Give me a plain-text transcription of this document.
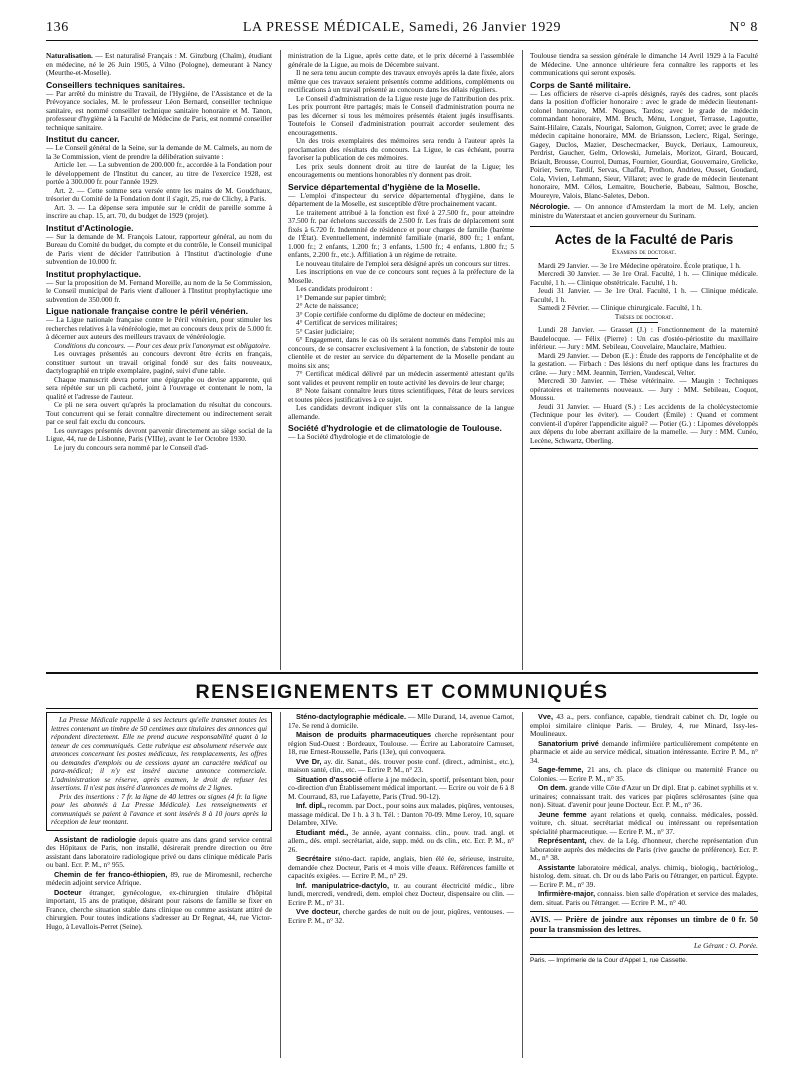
136	LA PRESSE MÉDICALE, Samedi, 26 Janvier 1929	N° 8

Naturalisation. — Est naturalisé Français : M. Ginzburg (Chaïm), étudiant en médecine, né le 26 Juin 1905, à Vilno (Pologne), demeurant à Nancy (Meurthe-et-Moselle).

Conseillers techniques sanitaires.

— Par arrêté du ministre du Travail, de l'Hygiène, de l'Assistance et de la Prévoyance sociales, M. le professeur Léon Bernard, conseiller technique sanitaire, est nommé conseiller technique sanitaire honoraire et M. Tanon, professeur d'hygiène à la Faculté de Médecine de Paris, est nommé conseiller technique sanitaire.

Institut du cancer.

— Le Conseil général de la Seine, sur la demande de M. Calmels, au nom de la 3e Commission, vient de prendre la délibération suivante :

Article 1er. — La subvention de 200.000 fr., accordée à la Fondation pour le développement de l'Institut du cancer, au titre de l'exercice 1928, est portée à 300.000 fr. pour l'année 1929.

Art. 2. — Cette somme sera versée entre les mains de M. Goudchaux, trésorier du Comité de la Fondation dont il s'agit, 25, rue de Clichy, à Paris.

Art. 3. — La dépense sera imputée sur le crédit de pareille somme à inscrire au chap. 15, art. 70, du budget de 1929 (projet).

Institut d'Actinologie.

— Sur la demande de M. François Latour, rapporteur général, au nom du Bureau du Comité du budget, du compte et du contrôle, le Conseil municipal de Paris vient de décider l'attribution à l'Institut d'actinologie d'une subvention de 10.000 fr.

Institut prophylactique.

— Sur la proposition de M. Fernand Moreille, au nom de la 5e Commission, le Conseil municipal de Paris vient d'allouer à l'Institut prophylactique une subvention de 350.000 fr.

Ligue nationale française contre le péril vénérien.

— La Ligue nationale française contre le Péril vénérien, pour stimuler les recherches relatives à la vénéréologie, met au concours deux prix de 5.000 fr. à décerner aux auteurs des meilleurs travaux de vénéréologie.

Conditions du concours. — Pour ces deux prix l'anonymat est obligatoire.

Les ouvrages présentés au concours devront être écrits en français, constituer surtout un travail original fondé sur des faits nouveaux, dactylographié en triple exemplaire, paginé, suivi d'une table.

Chaque manuscrit devra porter une épigraphe ou devise apparente, qui sera répétée sur un pli cacheté, joint à l'ouvrage et contenant le nom, la qualité et l'adresse de l'auteur.

Ce pli ne sera ouvert qu'après la proclamation du résultat du concours. Tout concurrent qui se ferait connaître directement ou indirectement serait par ce seul fait exclu du concours.

Les ouvrages présentés devront parvenir directement au siège social de la Ligue, 44, rue de Lisbonne, Paris (VIIIe), avant le 1er Octobre 1930.

Le jury du concours sera nommé par le Conseil d'ad-

ministration de la Ligue, après cette date, et le prix décerné à l'assemblée générale de la Ligue, au mois de Décembre suivant.

Il ne sera tenu aucun compte des travaux envoyés après la date fixée, alors même que ces travaux seraient présentés comme additions, compléments ou rectifications à un travail présenté au concours dans les délais réguliers.

Le Conseil d'administration de la Ligue reste juge de l'attribution des prix. Les prix pourront être partagés; mais le Conseil d'administration pourra ne pas les décerner si tous les mémoires présentés étaient jugés insuffisants. Toutefois le Conseil d'administration pourrait accorder seulement des encouragements.

Un des trois exemplaires des mémoires sera rendu à l'auteur après la proclamation des résultats du concours. La Ligue, le cas échéant, pourra favoriser la publication de ces mémoires.

Les prix seuls donnent droit au titre de lauréat de la Ligue; les encouragements ou mentions honorables n'y donnent pas droit.

Service départemental d'hygiène de la Moselle.

— L'emploi d'inspecteur du service départemental d'hygiène, dans le département de la Moselle, est susceptible d'être prochainement vacant.

Le traitement attribué à la fonction est fixé à 27.500 fr., pour atteindre 37.500 fr. par échelons successifs de 2.500 fr. Les frais de déplacement sont fixés à 6.720 fr. Indemnité de résidence et pour charges de famille (barème de l'État). Eventuellement, indemnité familiale (marié, 800 fr.; 1 enfant, 1.000 fr.; 2 enfants, 1.200 fr.; 3 enfants, 1.500 fr.; 4 enfants, 1.800 fr.; 5 enfants, 2.200 fr., etc.). Affiliation à un régime de retraite.

Le nouveau titulaire de l'emploi sera désigné après un concours sur titres.

Les inscriptions en vue de ce concours sont reçues à la préfecture de la Moselle.

Les candidats produiront :

1° Demande sur papier timbré;

2° Acte de naissance;

3° Copie certifiée conforme du diplôme de docteur en médecine;

4° Certificat de services militaires;

5° Casier judiciaire;

6° Engagement, dans le cas où ils seraient nommés dans l'emploi mis au concours, de se consacrer exclusivement à la fonction, de s'abstenir de toute clientèle et de rester au service du département de la Moselle pendant au moins six ans;

7° Certificat médical délivré par un médecin assermenté attestant qu'ils sont valides et peuvent remplir en toute activité les devoirs de leur charge;

8° Note faisant connaître leurs titres scientifiques, l'état de leurs services et toutes pièces justificatives à ce sujet.

Les candidats devront indiquer s'ils ont la connaissance de la langue allemande.

Société d'hydrologie et de climatologie de Toulouse.

— La Société d'hydrologie et de climatologie de

Toulouse tiendra sa session générale le dimanche 14 Avril 1929 à la Faculté de Médecine. Une annonce ultérieure fera connaître les rapports et les communications qui seront exposés.

Corps de Santé militaire.

— Les officiers de réserve ci-après désignés, rayés des cadres, sont placés dans la position d'officier honoraire : avec le grade de médecin lieutenant-colonel honoraire, MM. Nogues, Tardos; avec le grade de médecin commandant honoraire, MM. Bruch, Ménu, Longuet, Terrasse, Lagoutte, Saint-Hilaire, Cazals, Nourigat, Salomon, Guignon, Corret; avec le grade de médecin capitaine honoraire, MM. de Briansson, Leclerc, Rigal, Seringe, Gagey, Duclos, Mazier, Deschecmacker, Buyck, Deriaux, Lamoureux, Perdrist, Gaucher, Gelm, Orlowski, Jumelais, Morizot, Girard, Boucard, Briault, Brousse, Courrol, Dumas, Fournier, Gourdiat, Gouvernaire, Grelicke, Poirier, Serre, Tardif, Servas, Chaffal, Prothon, Andrieu, Ousset, Goudard, Cola, Vivien, Lehmann, Sieur, Villaret; avec le grade de médecin lieutenant honoraire, MM. Célos, Lemaitre, Boucherie, Babeau, Salmou, Bosche, Moureyre, Valois, Blanc-Saletes, Debon.

Nécrologie. — On annonce d'Amsterdam la mort de M. Lely, ancien ministre du Waterstaat et ancien gouverneur du Surinam.

Actes de la Faculté de Paris

Examens de doctorat.

Mardi 29 Janvier. — 3e 1re Médecine opératoire. École pratique, 1 h.

Mercredi 30 Janvier. — 3e 1re Oral. Faculté, 1 h. — Clinique médicale. Faculté, 1 h. — Clinique obstétricale. Faculté, 1 h.

Jeudi 31 Janvier. — 3e 1re Oral. Faculté, 1 h. — Clinique médicale. Faculté, 1 h.

Samedi 2 Février. — Clinique chirurgicale. Faculté, 1 h.

Thèses de doctorat.

Lundi 28 Janvier. — Grasset (J.) : Fonctionnement de la maternité Baudelocque. — Félix (Pierre) : Un cas d'ostéo-périostite du maxillaire inférieur. — Jury : MM. Sebileau, Couvelaire, Mauclaire, Mathieu.

Mardi 29 Janvier. — Debon (E.) : Étude des rapports de l'encéphalite et de la gestation. — Firbach : Des lésions du nerf optique dans les fractures du crâne. — Jury : MM. Jeannin, Terrien, Vaudescal, Velter.

Mercredi 30 Janvier. — Thèse vétérinaire. — Maugin : Techniques opératoires et traitements nouveaux. — Jury : MM. Sebileau, Coquot, Moussu.

Jeudi 31 Janvier. — Huard (S.) : Les accidents de la cholécystectomie (Technique pour les éviter). — Coudert (Émile) : Quand et comment convient-il d'opérer l'appendicite aiguë? — Potier (G.) : Lipomes développés aux dépens du lobe aberrant axillaire de la mamelle. — Jury : MM. Cunéo, Lecène, Schwartz, Oberling.

RENSEIGNEMENTS ET COMMUNIQUÉS

La Presse Médicale rappelle à ses lecteurs qu'elle transmet toutes les lettres contenant un timbre de 50 centimes aux titulaires des annonces qui répondent directement. Elle ne prend aucune responsabilité quant à la teneur de ces communiqués. Cette rubrique est absolument réservée aux annonces concernant les postes médicaux, les remplacements, les offres ou demandes d'emplois ou de cessions ayant un caractère médical ou para-médical; il n'y est inséré aucune annonce commerciale. L'administration se réserve, après examen, le droit de refuser les insertions. Il n'est pas inséré d'annonces de moins de 2 lignes.

Prix des insertions : 7 fr. la ligne de 40 lettres ou signes (4 fr. la ligne pour les abonnés à La Presse Médicale). Les renseignements et communiqués se paient à l'avance et sont insérés 8 à 10 jours après la réception de leur montant.

Assistant de radiologie depuis quatre ans dans grand service central des Hôpitaux de Paris, non installé, désirerait prendre direction ou être assistant dans laboratoire radiologique privé ou dans clinique médicale Paris ou banl. Ecr. P. M., n° 955.

Chemin de fer franco-éthiopien, 89, rue de Miromesnil, recherche médecin adjoint service Afrique.

Docteur étranger, gynécologue, ex-chirurgien titulaire d'hôpital important, 15 ans de pratique, désirant pour raisons de famille se fixer en France, cherche situation stable dans clinique ou comme assistant attitré de chirurgien. Pour toutes indications s'adresser au Dr Regnat, 44, rue Victor-Hugo, à Levallois-Perret (Seine).

Sténo-dactylographie médicale. — Mlle Durand, 14, avenue Carnot, 17e. Se rend à domicile.

Maison de produits pharmaceutiques cherche représentant pour région Sud-Ouest : Bordeaux, Toulouse. — Écrire au Laboratoire Camuset, 18, rue Ernest-Rousselle, Paris (13e), qui convoquera.

Vve Dr, ay. dir. Sanat., dés. trouver poste conf. (direct., administ., etc.), maison santé, clin., etc. — Ecrire P. M., n° 23.

Situation d'associé offerte à jne médecin, sportif, présentant bien, pour co-direction d'un Établissement médical important. — Ecrire ou voir de 6 à 8 M. Courraud, 83, rue Lafayette, Paris (Trud. 90-12).

Inf. dipl., recomm. par Doct., pour soins aux malades, piqûres, ventouses, massage médical. De 1 h. à 3 h. Tél. : Danton 70-09. Mme Leroy, 10, square Delambre, XIVe.

Etudiant méd., 3e année, ayant connaiss. clin., pouv. trad. angl. et allem., dés. empl. secrétariat, aide, supp. méd. ou ds clin., etc. Ecr. P. M., n° 26.

Secrétaire sténo-dact. rapide, anglais, bien élé ée, sérieuse, instruite, demandée chez Docteur, Paris et 4 mois ville d'eaux. Références famille et capacités exigées. — Ecrire P. M., n° 29.

Inf. manipulatrice-dactylo, tr. au courant électricité médic., libre lundi, mercredi, vendredi, dem. emploi chez Docteur, dispensaire ou clin. — Ecrire P. M., n° 31.

Vve docteur, cherche gardes de nuit ou de jour, piqûres, ventouses. — Ecrire P. M., n° 32.

Vve, 43 a., pers. confiance, capable, tiendrait cabinet ch. Dr, logée ou emploi similaire clinique Paris. — Bruley, 4, rue Minard, Issy-les-Moulineaux.

Sanatorium privé demande infirmière particulièrement compétente en pharmacie et aide au service médical, situation intéressante. Ecrire P. M., n° 34.

Sage-femme, 21 ans, ch. place ds clinique ou maternité France ou Colonies. — Ecrire P. M., n° 35.

On dem. grande ville Côte d'Azur un Dr dipl. Etat p. cabinet syphilis et v. urinaires; connaissant trait. des varices par piqûres sclérosantes (sine qua non). Situat. d'avenir pour jeune Docteur. Ecr. P. M., n° 36.

Jeune femme ayant relations et quelq. connaiss. médicales, possèd. voiture, ch. situat. secrétariat médical ou intéressant ou représentation spécialité pharmaceutique. — Ecrire P. M., n° 37.

Représentant, chev. de la Lég. d'honneur, cherche représentation d'un laboratoire auprès des médecins de Paris (rive gauche de préférence). Ecr. P. M., n° 38.

Assistante laboratoire médical, analys. chimiq., biologiq., bactériolog., histolog. dem. situat. ch. Dr ou ds labo Paris ou l'étranger, en particul. Égypte. — Ecrire P. M., n° 39.

Infirmière-major, connaiss. bien salle d'opération et service des malades, dem. situat. Paris ou l'étranger. — Ecrire P. M., n° 40.

AVIS. — Prière de joindre aux réponses un timbre de 0 fr. 50 pour la transmission des lettres.
Le Gérant : O. Porée.
Paris. — Imprimerie de la Cour d'Appel 1, rue Cassette.
